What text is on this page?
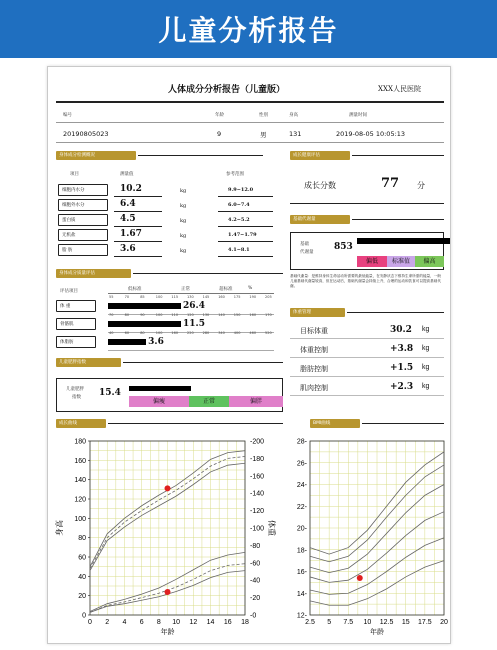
儿童分析报告
人体成分分析报告（儿童版）	XXX人民医院
编号	年龄	性别	身高	测量时间
20190805023	9	男	131	2019-08-05 10:05:13
身体成分检测概况
项目	测量值	参考范围
细胞内水分	10.2	kg	9.9~12.0
细胞外水分	6.4	kg	6.0~7.4
蛋白质	4.5	kg	4.2~5.2
无机盐	1.67	kg	1.47~1.79
脂 肪	3.6	kg	4.1~8.1
成长健康评估
成长分数	77 分
基础代谢量
基础
代谢量
853
偏低	标准值	偏高
基础代谢量：是维持身体生命活动所需要的最低能量，在安静状态下维持生命所需的能量，一般儿童基础代谢量较高，但在运动后，基础代谢量会持续上升，合理的运动和饮食可以提高基础代谢。
身体成分质量评估
评估项目	低标准	正常	超标准	%
体 重
55	70	85	100	115	130	145	160	175	190	205
26.4
骨骼肌
70	80	90	100	110	120	130	140	150	160	170
11.5
体脂肪
40	60	80	100	160	220	280	340	400	460	520
3.6
体重管理
目标体重	30.2 kg
体重控制	+3.8 kg
脂肪控制	+1.5 kg
肌肉控制	+2.3 kg
儿童肥胖指数
儿童肥胖
指数 15.4
偏瘦	正常	偏胖
成长曲线	BMI曲线
0 2 4 6 8 10 12 14 16 18
0
20
40
60
80
100
120
140
160
180
-0
-20
-40
-60
-80
-100
-120
-140
-160
-180
-200
年龄
身高	体重
2.5 5 7.5 10 12.5 15 17.5 20
12-
14-
16-
18-
20-
22-
24-
26-
28-
年龄
